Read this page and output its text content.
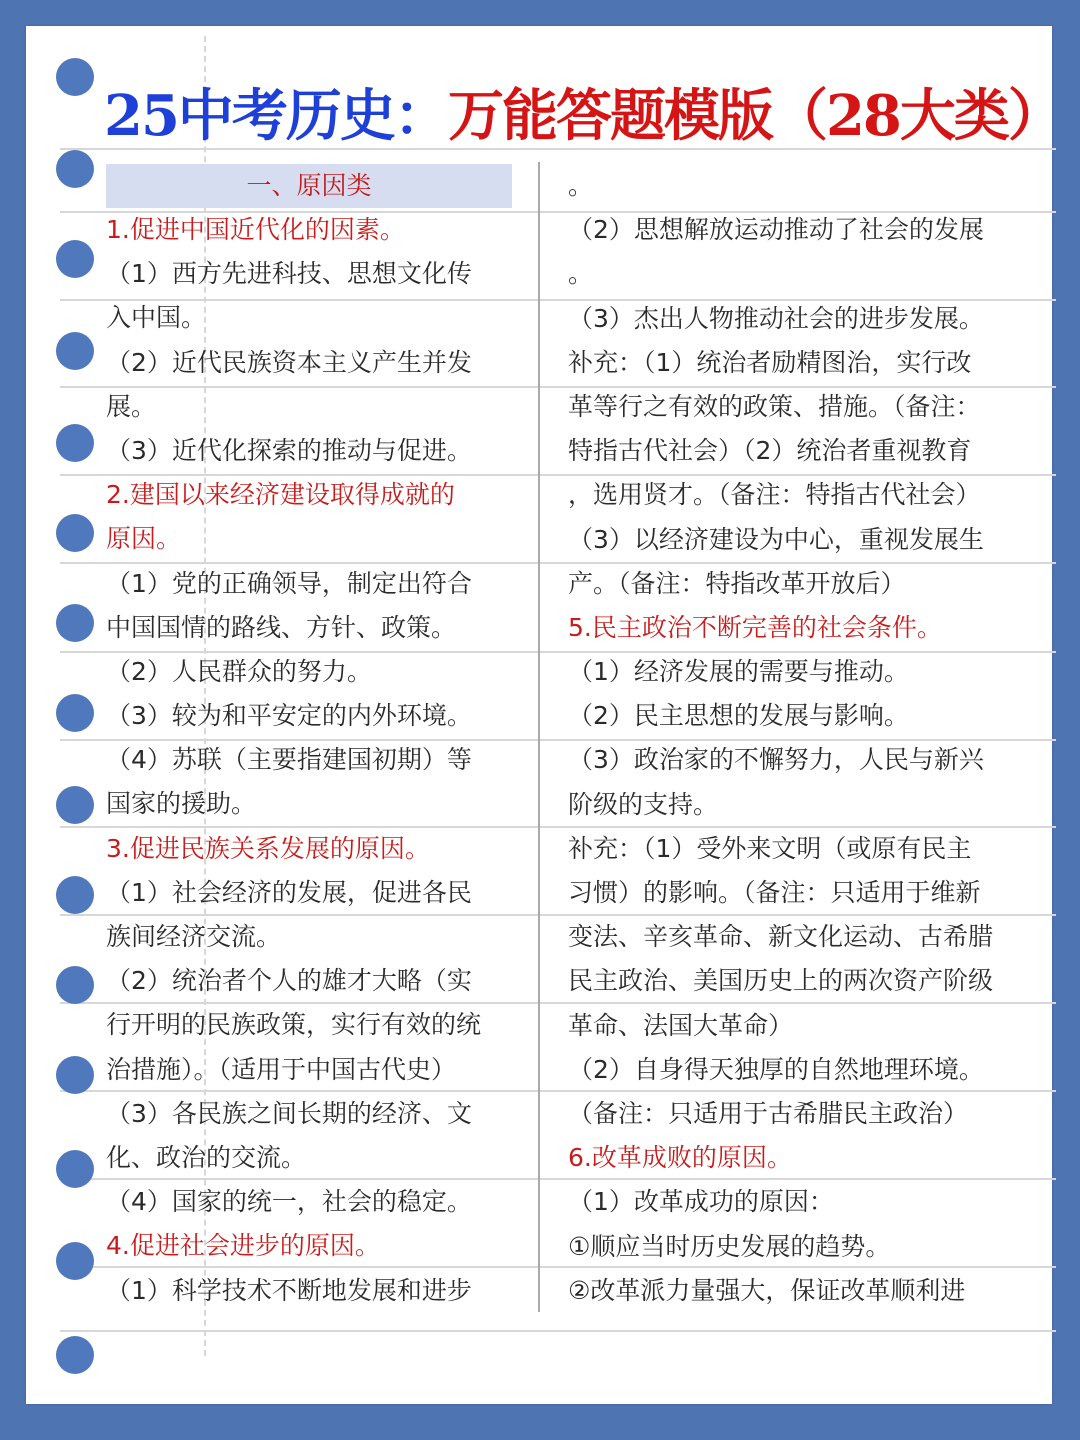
25中考历史：万能答题模版（28大类）
一、原因类
1.促进中国近代化的因素。
（1）西方先进科技、思想文化传
入中国。
（2）近代民族资本主义产生并发
展。
（3）近代化探索的推动与促进。
2.建国以来经济建设取得成就的
原因。
（1）党的正确领导，制定出符合
中国国情的路线、方针、政策。
（2）人民群众的努力。
（3）较为和平安定的内外环境。
（4）苏联（主要指建国初期）等
国家的援助。
3.促进民族关系发展的原因。
（1）社会经济的发展，促进各民
族间经济交流。
（2）统治者个人的雄才大略（实
行开明的民族政策，实行有效的统
治措施）。（适用于中国古代史）
（3）各民族之间长期的经济、文
化、政治的交流。
（4）国家的统一，社会的稳定。
4.促进社会进步的原因。
（1）科学技术不断地发展和进步
。
（2）思想解放运动推动了社会的发展
。
（3）杰出人物推动社会的进步发展。
补充：（1）统治者励精图治，实行改
革等行之有效的政策、措施。（备注：
特指古代社会）（2）统治者重视教育
，选用贤才。（备注：特指古代社会）
（3）以经济建设为中心，重视发展生
产。（备注：特指改革开放后）
5.民主政治不断完善的社会条件。
（1）经济发展的需要与推动。
（2）民主思想的发展与影响。
（3）政治家的不懈努力，人民与新兴
阶级的支持。
补充：（1）受外来文明（或原有民主
习惯）的影响。（备注：只适用于维新
变法、辛亥革命、新文化运动、古希腊
民主政治、美国历史上的两次资产阶级
革命、法国大革命）
（2）自身得天独厚的自然地理环境。
（备注：只适用于古希腊民主政治）
6.改革成败的原因。
（1）改革成功的原因：
①顺应当时历史发展的趋势。
②改革派力量强大，保证改革顺利进
